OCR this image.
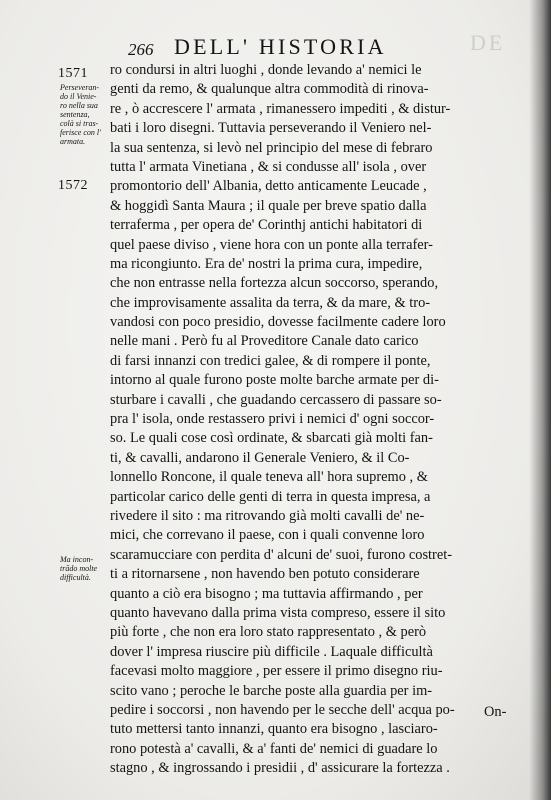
DE
266 DELL' HISTORIA
1571
Perseveran-
do il Venie-
ro nella sua
sentenza,
colà si tras-
ferisce con l'
armata.
1572
Ma incon-
trãdo molte
difficultà.
ro condursi in altri luoghi , donde levando a' nemici le
genti da remo, & qualunque altra commodità di rinova-
re , ò accrescere l' armata , rimanessero impediti , & distur-
bati i loro disegni. Tuttavia perseverando il Veniero nel-
la sua sentenza, si levò nel principio del mese di febraro
tutta l' armata Vinetiana , & si condusse all' isola , over
promontorio dell' Albania, detto anticamente Leucade ,
& hoggidì Santa Maura ; il quale per breve spatio dalla
terraferma , per opera de' Corinthj antichi habitatori di
quel paese diviso , viene hora con un ponte alla terrafer-
ma ricongiunto. Era de' nostri la prima cura, impedire,
che non entrasse nella fortezza alcun soccorso, sperando,
che improvisamente assalita da terra, & da mare, & tro-
vandosi con poco presidio, dovesse facilmente cadere loro
nelle mani . Però fu al Proveditore Canale dato carico
di farsi innanzi con tredici galee, & di rompere il ponte,
intorno al quale furono poste molte barche armate per di-
sturbare i cavalli , che guadando cercassero di passare so-
pra l' isola, onde restassero privi i nemici d' ogni soccor-
so. Le quali cose così ordinate, & sbarcati già molti fan-
ti, & cavalli, andarono il Generale Veniero, & il Co-
lonnello Roncone, il quale teneva all' hora supremo , &
particolar carico delle genti di terra in questa impresa, a
rivedere il sito : ma ritrovando già molti cavalli de' ne-
mici, che correvano il paese, con i quali convenne loro
scaramucciare con perdita d' alcuni de' suoi, furono costret-
ti a ritornarsene , non havendo ben potuto considerare
quanto a ciò era bisogno ; ma tuttavia affirmando , per
quanto havevano dalla prima vista compreso, essere il sito
più forte , che non era loro stato rappresentato , & però
dover l' impresa riuscire più difficile . Laquale difficultà
facevasi molto maggiore , per essere il primo disegno riu-
scito vano ; peroche le barche poste alla guardia per im-
pedire i soccorsi , non havendo per le secche dell' acqua po-
tuto mettersi tanto innanzi, quanto era bisogno , lasciaro-
rono potestà a' cavalli, & a' fanti de' nemici di guadare lo
stagno , & ingrossando i presidii , d' assicurare la fortezza .
On-
